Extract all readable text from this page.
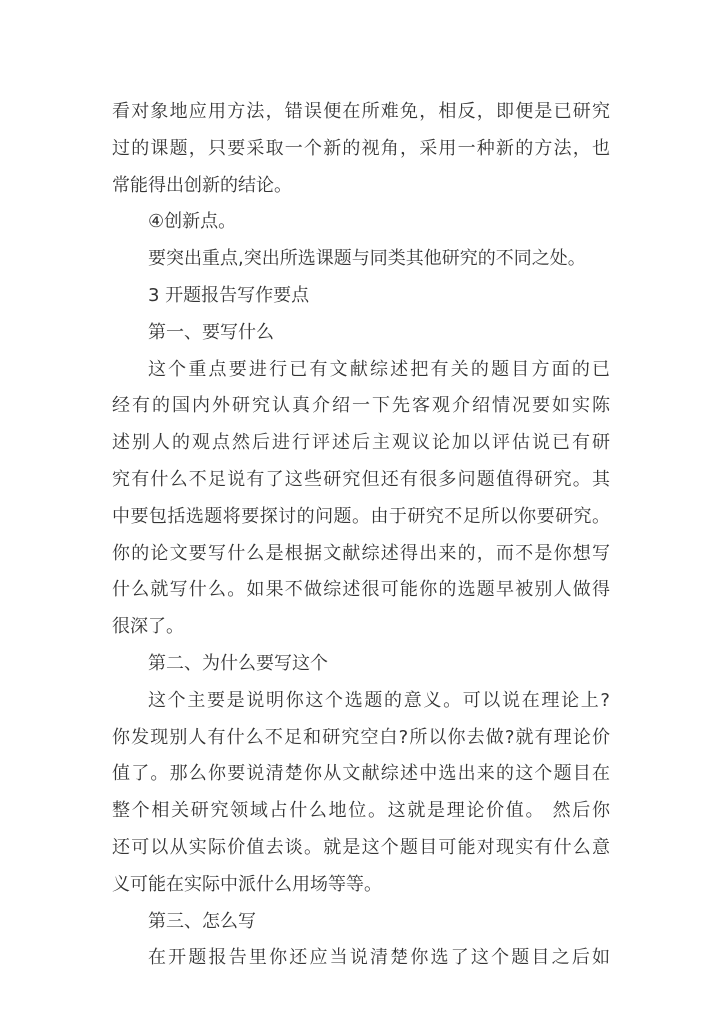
看对象地应用方法，错误便在所难免，相反，即便是已研究
过的课题，只要采取一个新的视角，采用一种新的方法，也
常能得出创新的结论。
④创新点。
要突出重点,突出所选课题与同类其他研究的不同之处。
3 开题报告写作要点
第一、要写什么
这个重点要进行已有文献综述把有关的题目方面的已
经有的国内外研究认真介绍一下先客观介绍情况要如实陈
述别人的观点然后进行评述后主观议论加以评估说已有研
究有什么不足说有了这些研究但还有很多问题值得研究。其
中要包括选题将要探讨的问题。由于研究不足所以你要研究。
你的论文要写什么是根据文献综述得出来的，而不是你想写
什么就写什么。如果不做综述很可能你的选题早被别人做得
很深了。
第二、为什么要写这个
这个主要是说明你这个选题的意义。可以说在理论上?
你发现别人有什么不足和研究空白?所以你去做?就有理论价
值了。那么你要说清楚你从文献综述中选出来的这个题目在
整个相关研究领域占什么地位。这就是理论价值。 然后你
还可以从实际价值去谈。就是这个题目可能对现实有什么意
义可能在实际中派什么用场等等。
第三、怎么写
在开题报告里你还应当说清楚你选了这个题目之后如
